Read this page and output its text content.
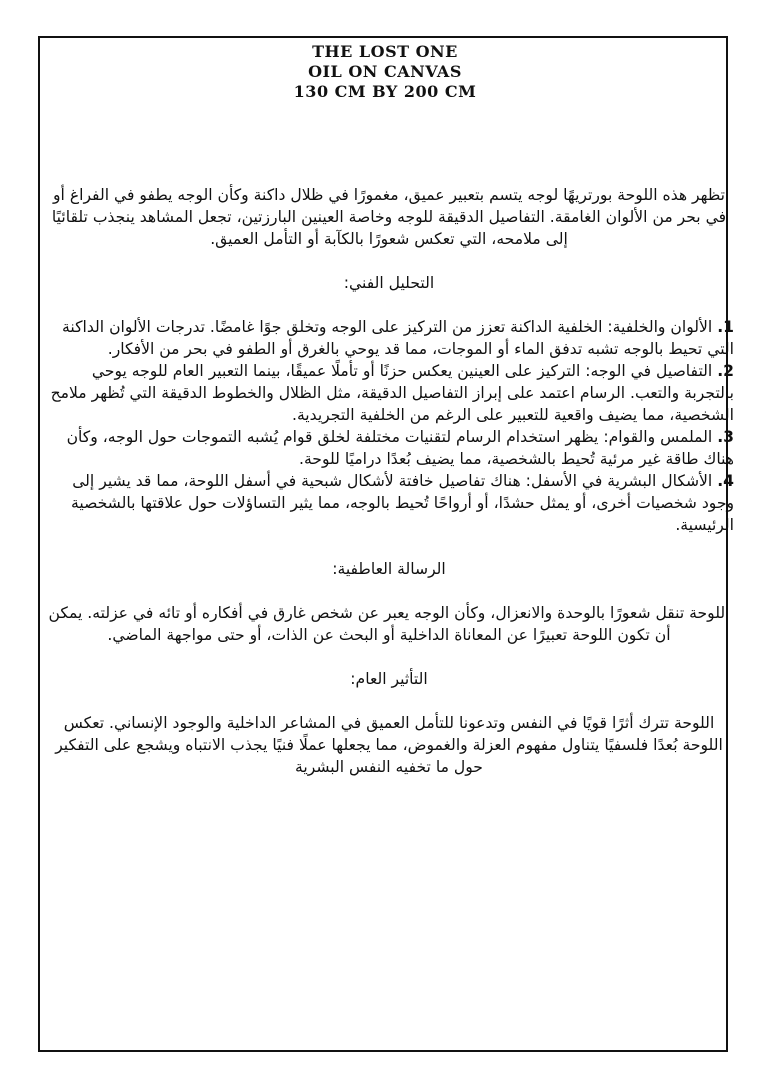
THE LOST ONE
OIL ON CANVAS
130 CM BY 200 CM

تظهر هذه اللوحة بورتريهًا لوجه يتسم بتعبير عميق، مغمورًا في ظلال داكنة وكأن الوجه يطفو في الفراغ أو في بحر من الألوان الغامقة. التفاصيل الدقيقة للوجه وخاصة العينين البارزتين، تجعل المشاهد ينجذب تلقائيًا إلى ملامحه، التي تعكس شعورًا بالكآبة أو التأمل العميق.

التحليل الفني:

1. الألوان والخلفية: الخلفية الداكنة تعزز من التركيز على الوجه وتخلق جوًا غامضًا. تدرجات الألوان الداكنة التي تحيط بالوجه تشبه تدفق الماء أو الموجات، مما قد يوحي بالغرق أو الطفو في بحر من الأفكار.

2. التفاصيل في الوجه: التركيز على العينين يعكس حزنًا أو تأملًا عميقًا، بينما التعبير العام للوجه يوحي بالتجربة والتعب. الرسام اعتمد على إبراز التفاصيل الدقيقة، مثل الظلال والخطوط الدقيقة التي تُظهر ملامح الشخصية، مما يضيف واقعية للتعبير على الرغم من الخلفية التجريدية.

3. الملمس والقوام: يظهر استخدام الرسام لتقنيات مختلفة لخلق قوام يُشبه التموجات حول الوجه، وكأن هناك طاقة غير مرئية تُحيط بالشخصية، مما يضيف بُعدًا دراميًا للوحة.

4. الأشكال البشرية في الأسفل: هناك تفاصيل خافتة لأشكال شبحية في أسفل اللوحة، مما قد يشير إلى وجود شخصيات أخرى، أو يمثل حشدًا، أو أرواحًا تُحيط بالوجه، مما يثير التساؤلات حول علاقتها بالشخصية الرئيسية.

الرسالة العاطفية:

اللوحة تنقل شعورًا بالوحدة والانعزال، وكأن الوجه يعبر عن شخص غارق في أفكاره أو تائه في عزلته. يمكن أن تكون اللوحة تعبيرًا عن المعاناة الداخلية أو البحث عن الذات، أو حتى مواجهة الماضي.

التأثير العام:

اللوحة تترك أثرًا قويًا في النفس وتدعونا للتأمل العميق في المشاعر الداخلية والوجود الإنساني. تعكس اللوحة بُعدًا فلسفيًا يتناول مفهوم العزلة والغموض، مما يجعلها عملًا فنيًا يجذب الانتباه ويشجع على التفكير حول ما تخفيه النفس البشرية
